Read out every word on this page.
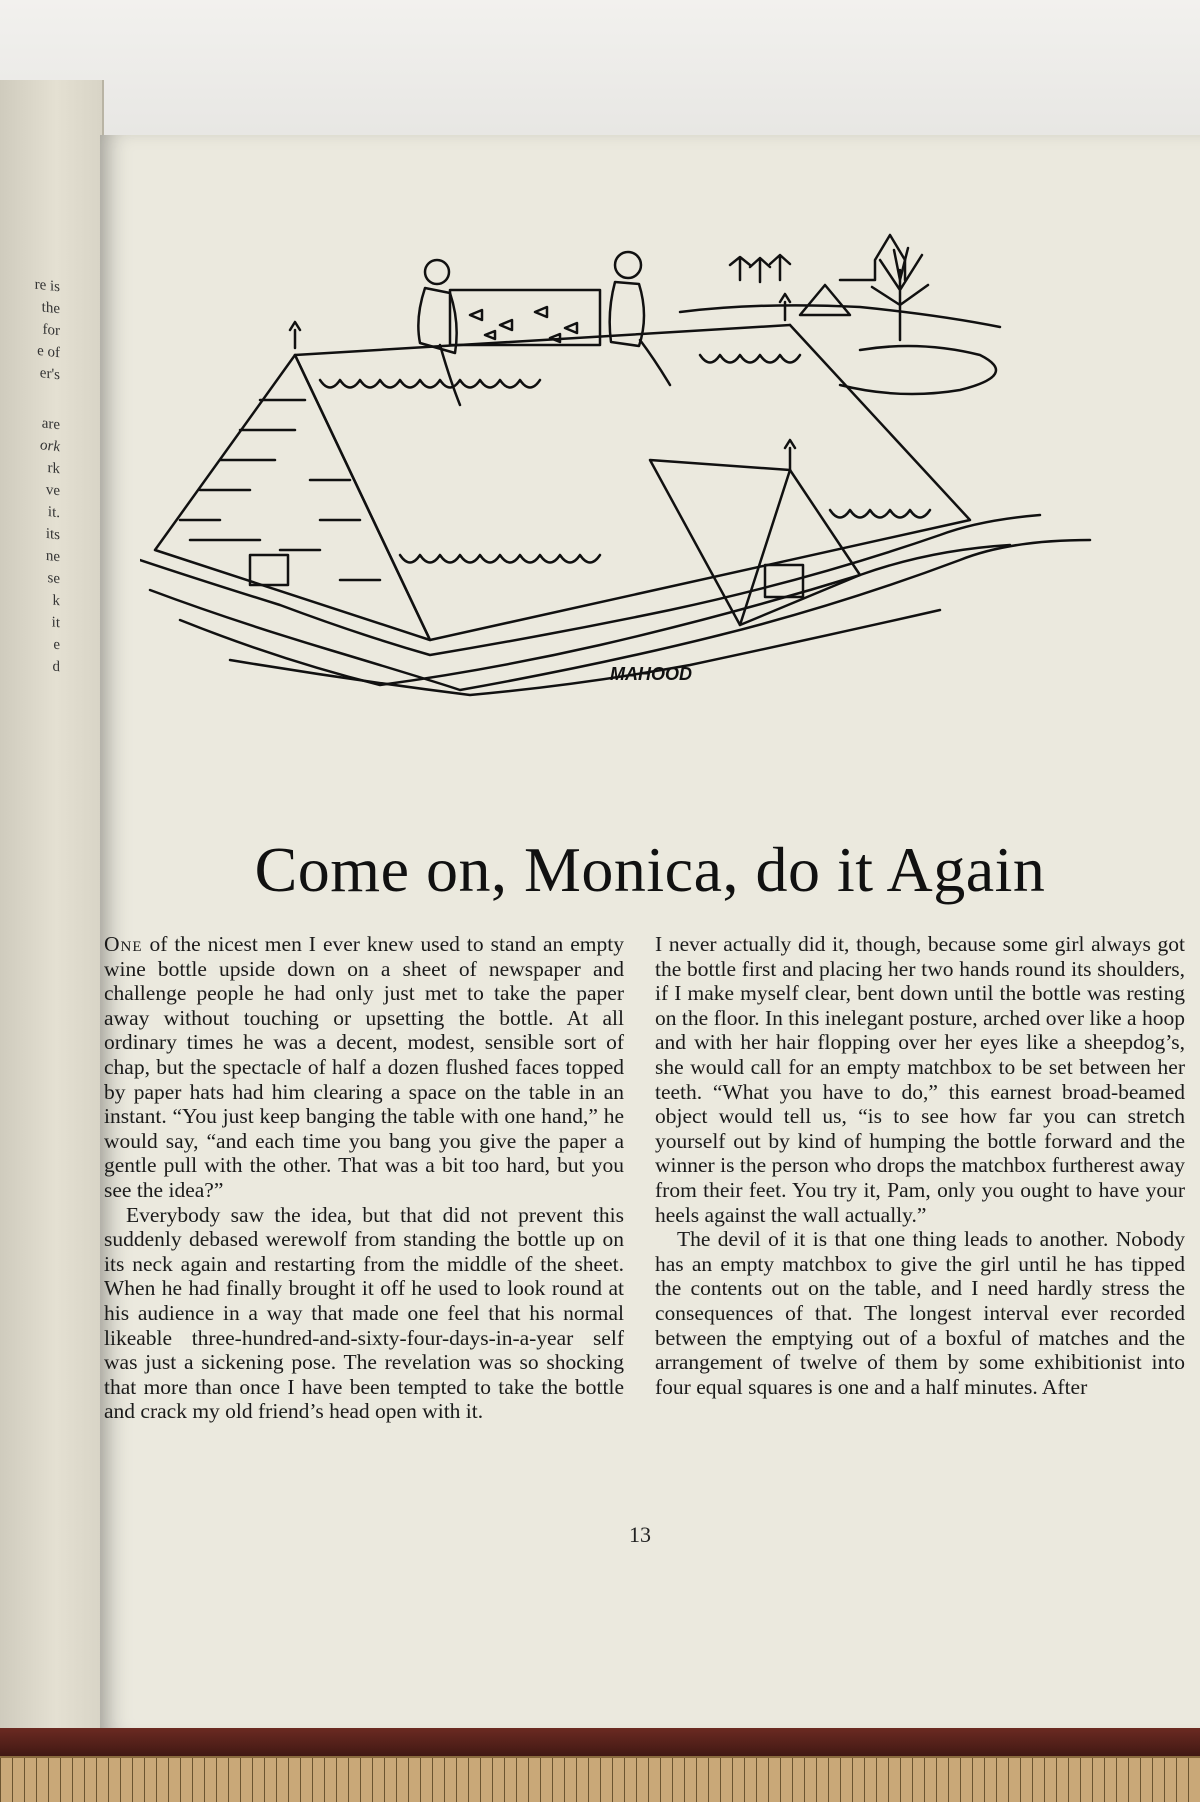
re is
the
for
e of
er's
are
ork
rk
ve
it.
its
ne
se
k
it
e
d	MAHOOD
Come on, Monica, do it Again

One of the nicest men I ever knew used to stand an empty wine bottle upside down on a sheet of newspaper and challenge people he had only just met to take the paper away without touching or upsetting the bottle. At all ordinary times he was a decent, modest, sensible sort of chap, but the spectacle of half a dozen flushed faces topped by paper hats had him clearing a space on the table in an instant. “You just keep banging the table with one hand,” he would say, “and each time you bang you give the paper a gentle pull with the other. That was a bit too hard, but you see the idea?”

Everybody saw the idea, but that did not prevent this suddenly debased werewolf from standing the bottle up on its neck again and restarting from the middle of the sheet. When he had finally brought it off he used to look round at his audience in a way that made one feel that his normal likeable three-hundred-and-sixty-four-days-in-a-year self was just a sickening pose. The revelation was so shocking that more than once I have been tempted to take the bottle and crack my old friend’s head open with it.

I never actually did it, though, because some girl always got the bottle first and placing her two hands round its shoulders, if I make myself clear, bent down until the bottle was resting on the floor. In this inelegant posture, arched over like a hoop and with her hair flopping over her eyes like a sheepdog’s, she would call for an empty matchbox to be set between her teeth. “What you have to do,” this earnest broad-beamed object would tell us, “is to see how far you can stretch yourself out by kind of humping the bottle forward and the winner is the person who drops the matchbox furtherest away from their feet. You try it, Pam, only you ought to have your heels against the wall actually.”

The devil of it is that one thing leads to another. Nobody has an empty matchbox to give the girl until he has tipped the contents out on the table, and I need hardly stress the consequences of that. The longest interval ever recorded between the emptying out of a boxful of matches and the arrangement of twelve of them by some exhibitionist into four equal squares is one and a half minutes. After

13
